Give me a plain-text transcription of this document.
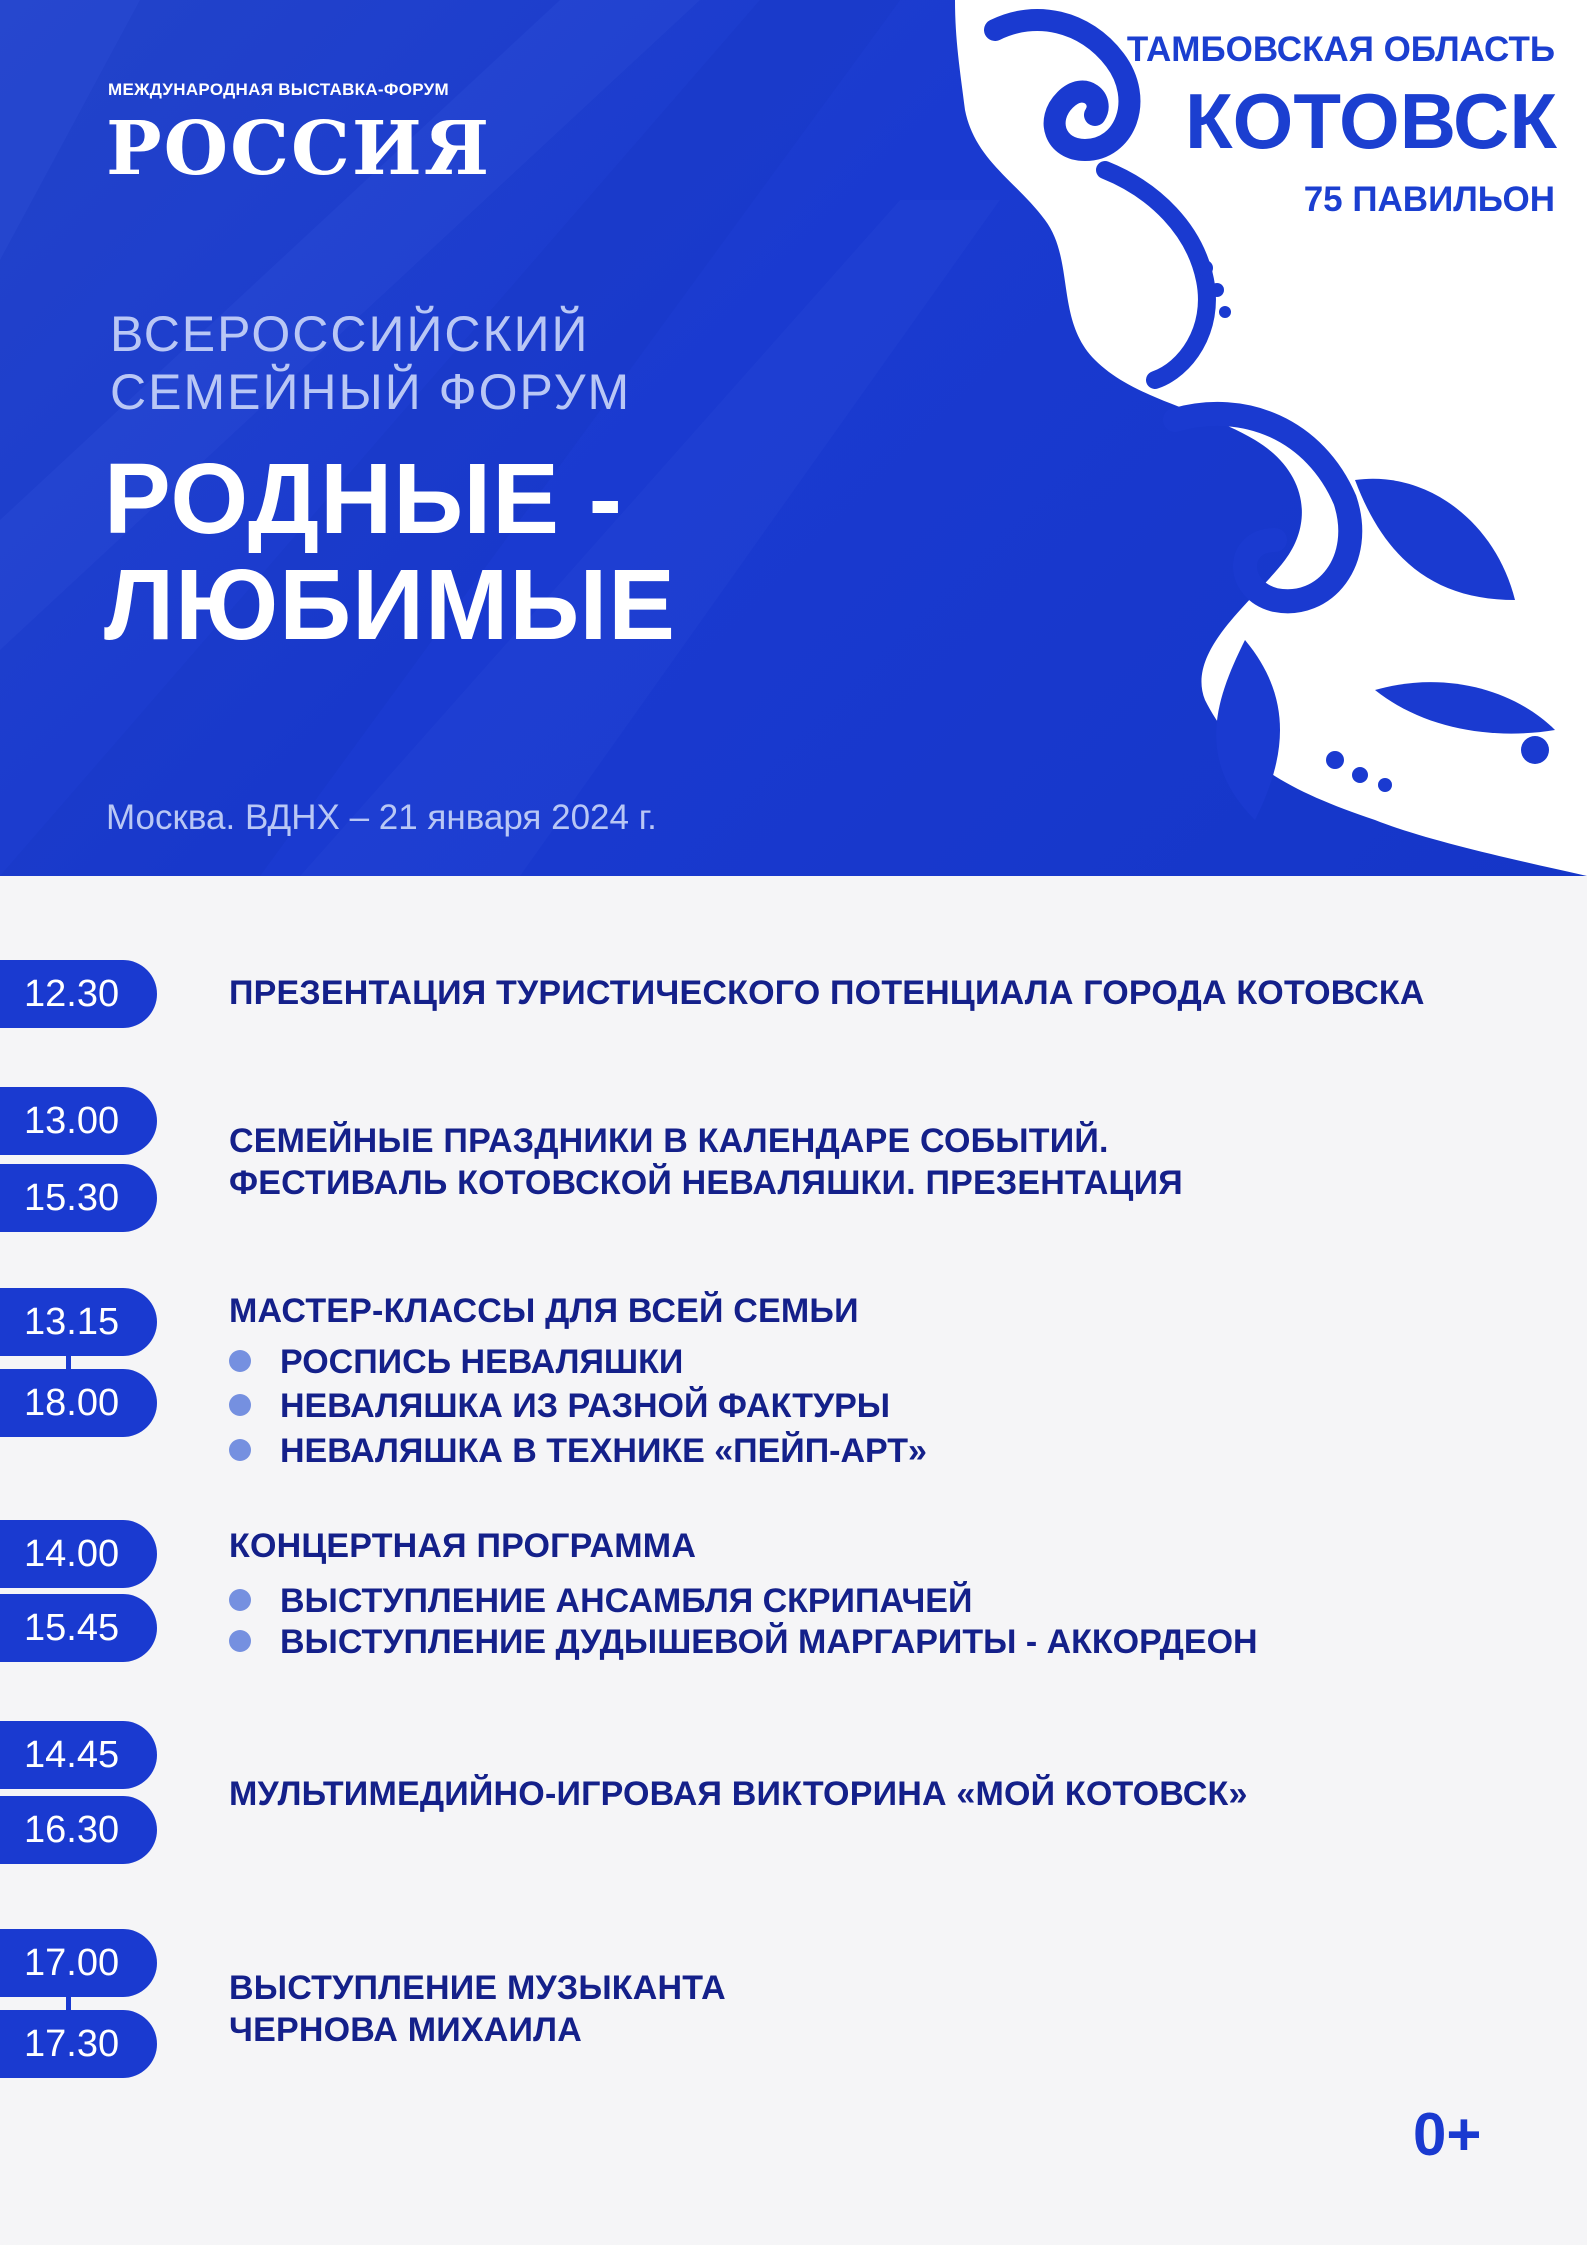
МЕЖДУНАРОДНАЯ ВЫСТАВКА-ФОРУМ
РОССИЯ
ВСЕРОССИЙСКИЙ
СЕМЕЙНЫЙ ФОРУМ
РОДНЫЕ -
ЛЮБИМЫЕ
Москва. ВДНХ – 21 января 2024 г.
ТАМБОВСКАЯ ОБЛАСТЬ
КОТОВСК
75 ПАВИЛЬОН
12.30	ПРЕЗЕНТАЦИЯ ТУРИСТИЧЕСКОГО ПОТЕНЦИАЛА ГОРОДА КОТОВСКА
13.00
15.30
СЕМЕЙНЫЕ ПРАЗДНИКИ В КАЛЕНДАРЕ СОБЫТИЙ.
ФЕСТИВАЛЬ КОТОВСКОЙ НЕВАЛЯШКИ. ПРЕЗЕНТАЦИЯ
13.15
18.00
МАСТЕР-КЛАССЫ ДЛЯ ВСЕЙ СЕМЬИ
РОСПИСЬ НЕВАЛЯШКИ
НЕВАЛЯШКА ИЗ РАЗНОЙ ФАКТУРЫ
НЕВАЛЯШКА В ТЕХНИКЕ «ПЕЙП-АРТ»
14.00
15.45
КОНЦЕРТНАЯ ПРОГРАММА
ВЫСТУПЛЕНИЕ АНСАМБЛЯ СКРИПАЧЕЙ
ВЫСТУПЛЕНИЕ ДУДЫШЕВОЙ МАРГАРИТЫ - АККОРДЕОН
14.45
16.30
МУЛЬТИМЕДИЙНО-ИГРОВАЯ ВИКТОРИНА «МОЙ КОТОВСК»
17.00
17.30
ВЫСТУПЛЕНИЕ МУЗЫКАНТА
ЧЕРНОВА МИХАИЛА
0+
